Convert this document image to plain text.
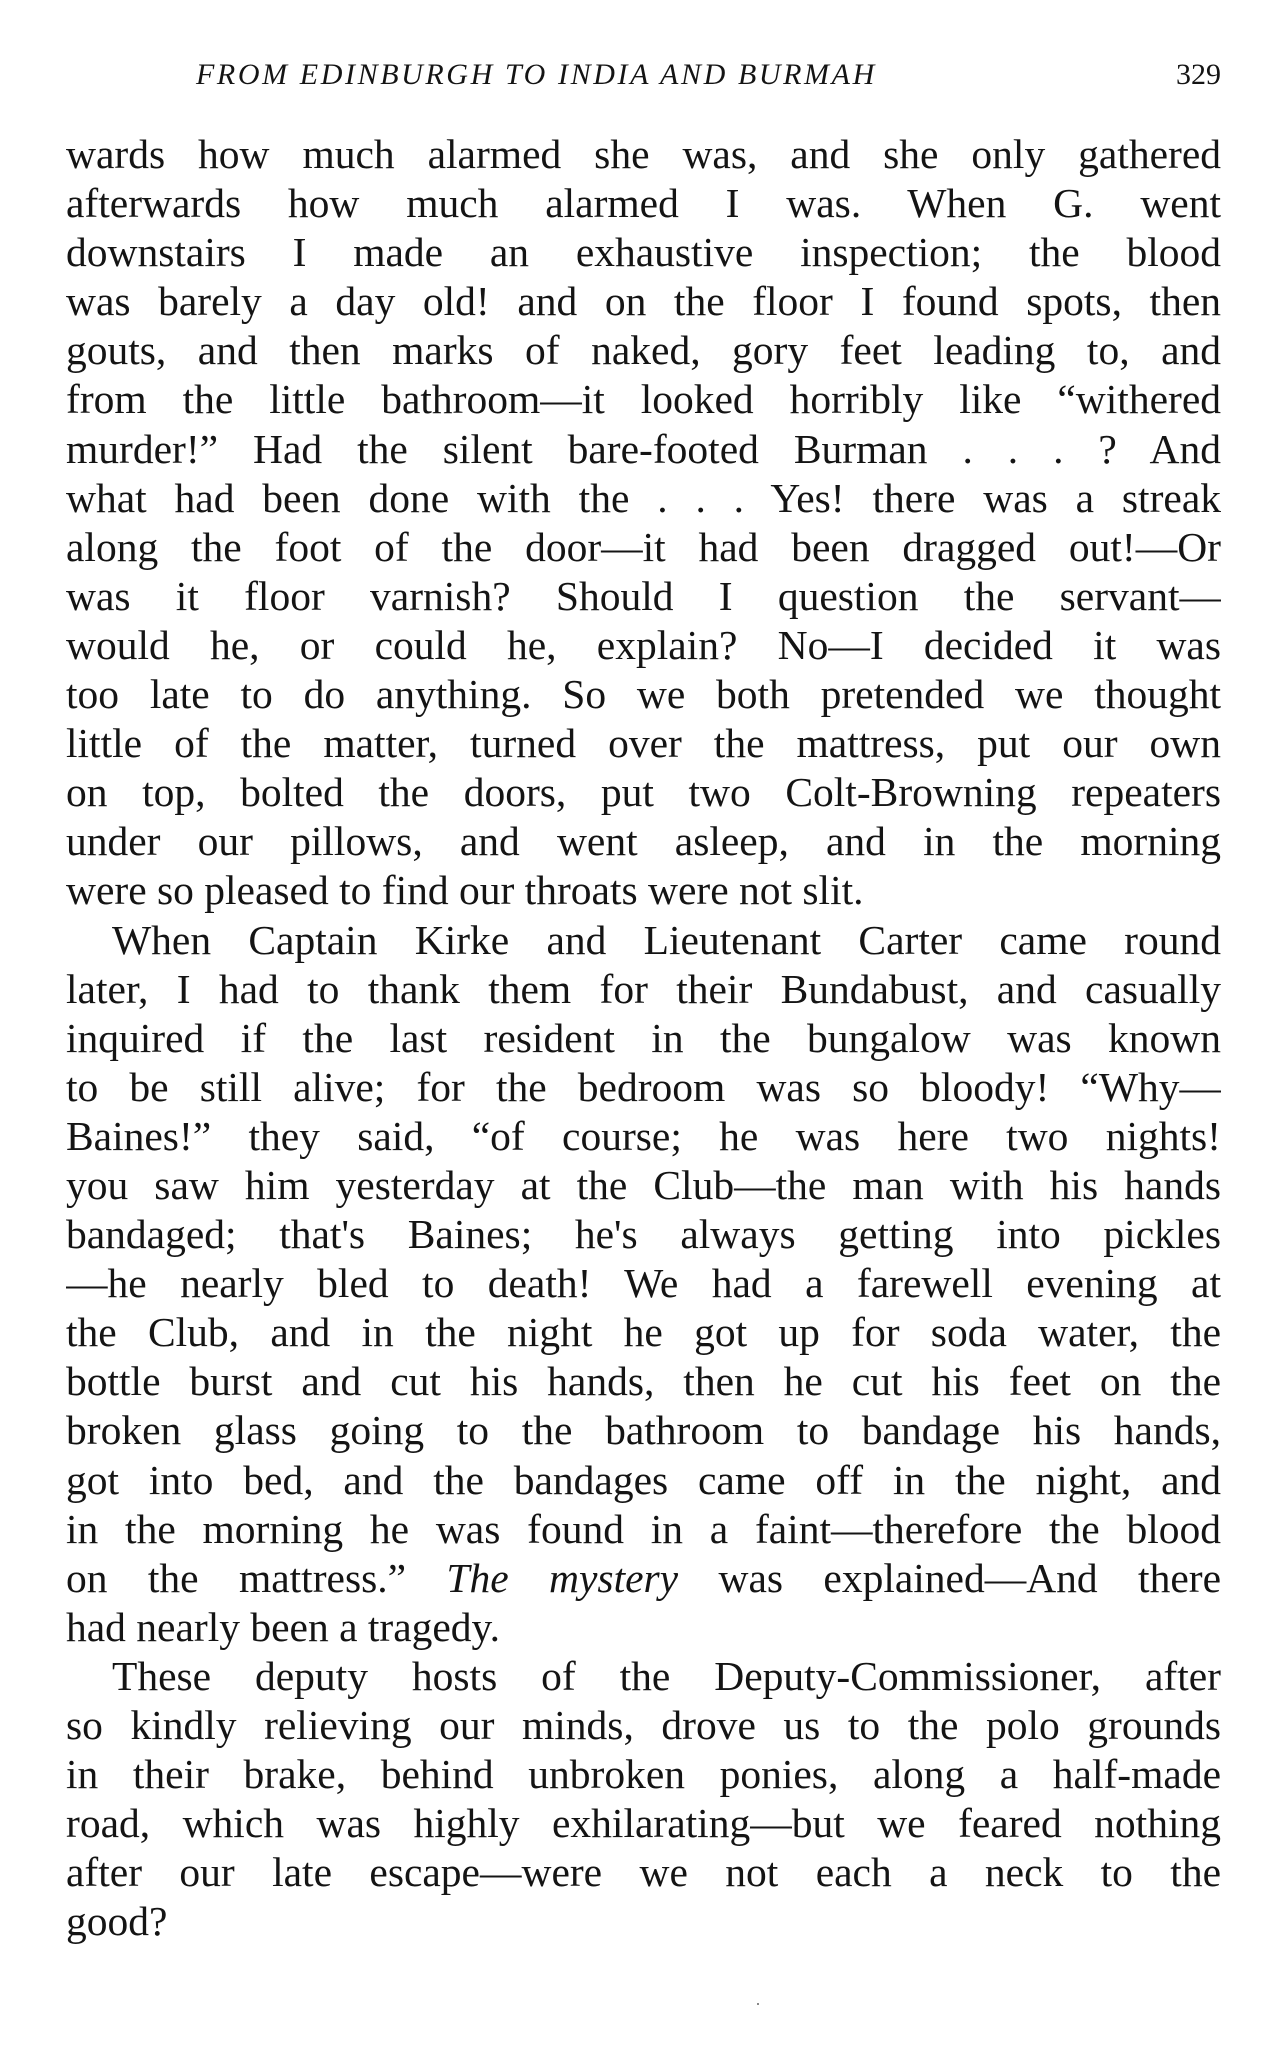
FROM EDINBURGH TO INDIA AND BURMAH	329
wards how much alarmed she was, and she only gathered
afterwards how much alarmed I was. When G. went
downstairs I made an exhaustive inspection; the blood
was barely a day old! and on the floor I found spots, then
gouts, and then marks of naked, gory feet leading to, and
from the little bathroom—it looked horribly like “withered
murder!” Had the silent bare-footed Burman . . . ? And
what had been done with the . . . Yes! there was a streak
along the foot of the door—it had been dragged out!—Or
was it floor varnish? Should I question the servant—
would he, or could he, explain? No—I decided it was
too late to do anything. So we both pretended we thought
little of the matter, turned over the mattress, put our own
on top, bolted the doors, put two Colt-Browning repeaters
under our pillows, and went asleep, and in the morning
were so pleased to find our throats were not slit.
When Captain Kirke and Lieutenant Carter came round
later, I had to thank them for their Bundabust, and casually
inquired if the last resident in the bungalow was known
to be still alive; for the bedroom was so bloody! “Why—
Baines!” they said, “of course; he was here two nights!
you saw him yesterday at the Club—the man with his hands
bandaged; that's Baines; he's always getting into pickles
—he nearly bled to death! We had a farewell evening at
the Club, and in the night he got up for soda water, the
bottle burst and cut his hands, then he cut his feet on the
broken glass going to the bathroom to bandage his hands,
got into bed, and the bandages came off in the night, and
in the morning he was found in a faint—therefore the blood
on the mattress.” The mystery was explained—And there
had nearly been a tragedy.
These deputy hosts of the Deputy-Commissioner, after
so kindly relieving our minds, drove us to the polo grounds
in their brake, behind unbroken ponies, along a half-made
road, which was highly exhilarating—but we feared nothing
after our late escape—were we not each a neck to the
good?
